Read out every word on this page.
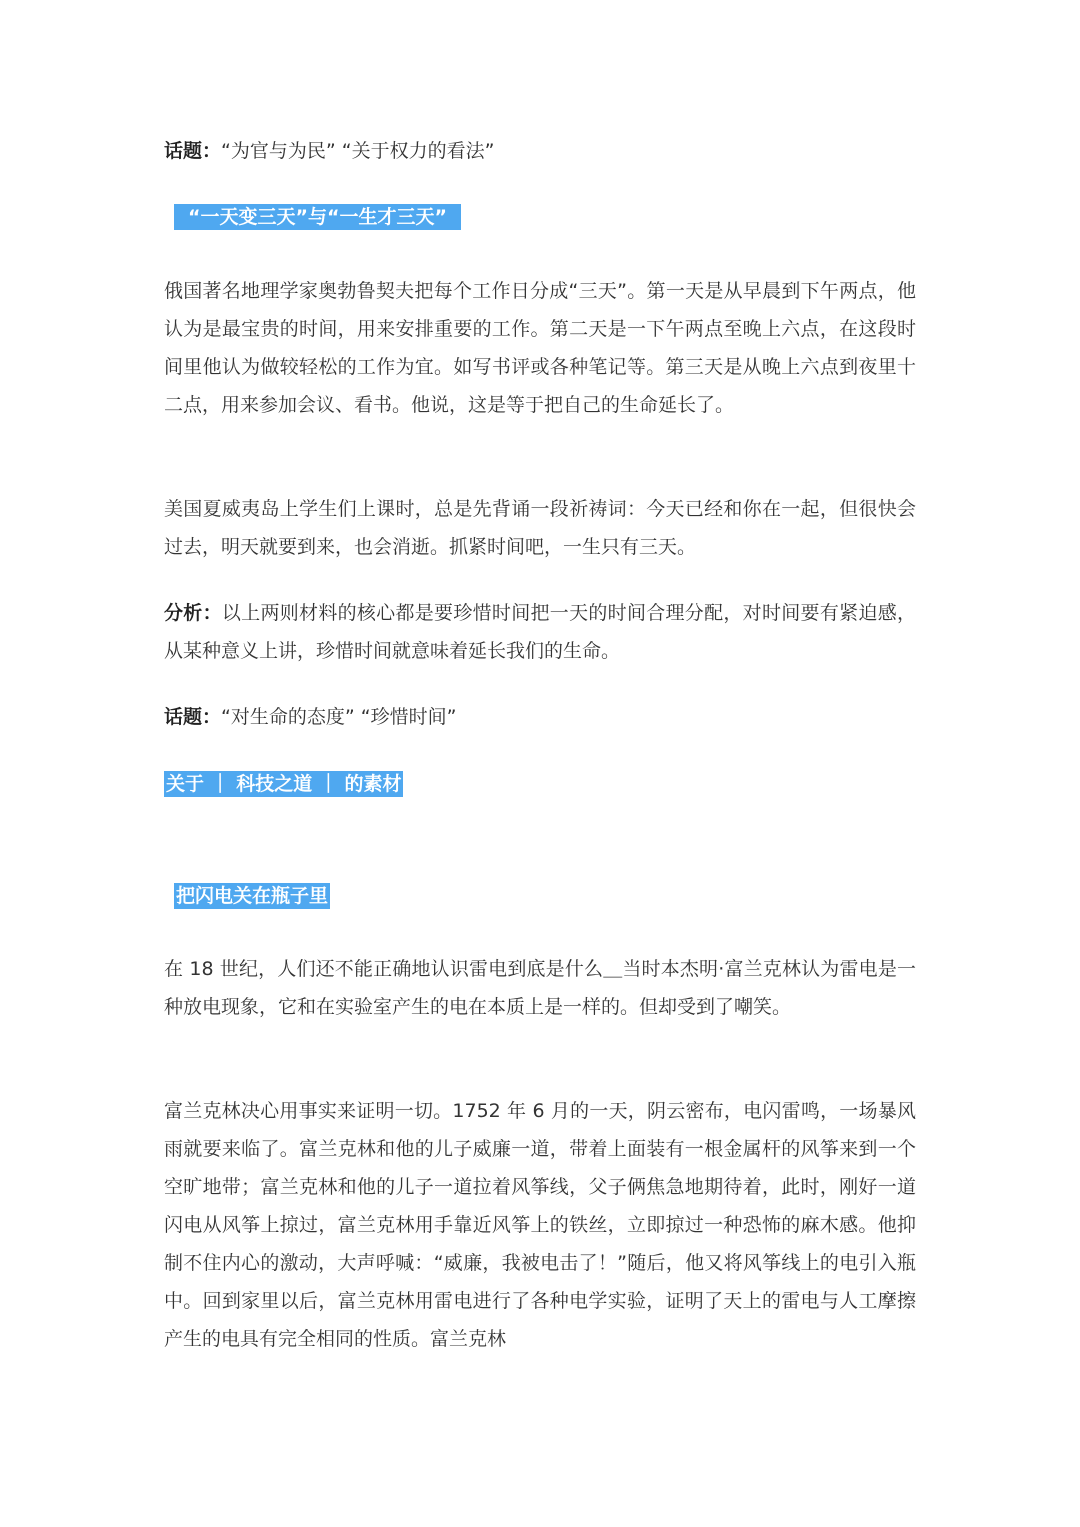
话题：“为官与为民” “关于权力的看法”
“一天变三天”与“一生才三天”

俄国著名地理学家奥勃鲁契夫把每个工作日分成“三天”。第一天是从早晨到下午两点，他认为是最宝贵的时间，用来安排重要的工作。第二天是一下午两点至晚上六点，在这段时间里他认为做较轻松的工作为宜。如写书评或各种笔记等。第三天是从晚上六点到夜里十二点，用来参加会议、看书。他说，这是等于把自己的生命延长了。

美国夏威夷岛上学生们上课时，总是先背诵一段祈祷词：今天已经和你在一起，但很快会过去，明天就要到来，也会消逝。抓紧时间吧，一生只有三天。

分析：以上两则材料的核心都是要珍惜时间把一天的时间合理分配，对时间要有紧迫感，从某种意义上讲，珍惜时间就意味着延长我们的生命。

话题：“对生命的态度” “珍惜时间”
关于 ｜ 科技之道 ｜ 的素材
把闪电关在瓶子里

在 18 世纪，人们还不能正确地认识雷电到底是什么＿当时本杰明·富兰克林认为雷电是一种放电现象，它和在实验室产生的电在本质上是一样的。但却受到了嘲笑。

富兰克林决心用事实来证明一切。1752 年 6 月的一天，阴云密布，电闪雷鸣，一场暴风雨就要来临了。富兰克林和他的儿子威廉一道，带着上面装有一根金属杆的风筝来到一个空旷地带；富兰克林和他的儿子一道拉着风筝线，父子俩焦急地期待着，此时，刚好一道闪电从风筝上掠过，富兰克林用手靠近风筝上的铁丝，立即掠过一种恐怖的麻木感。他抑制不住内心的激动，大声呼喊：“威廉，我被电击了！”随后，他又将风筝线上的电引入瓶中。回到家里以后，富兰克林用雷电进行了各种电学实验，证明了天上的雷电与人工摩擦产生的电具有完全相同的性质。富兰克林
